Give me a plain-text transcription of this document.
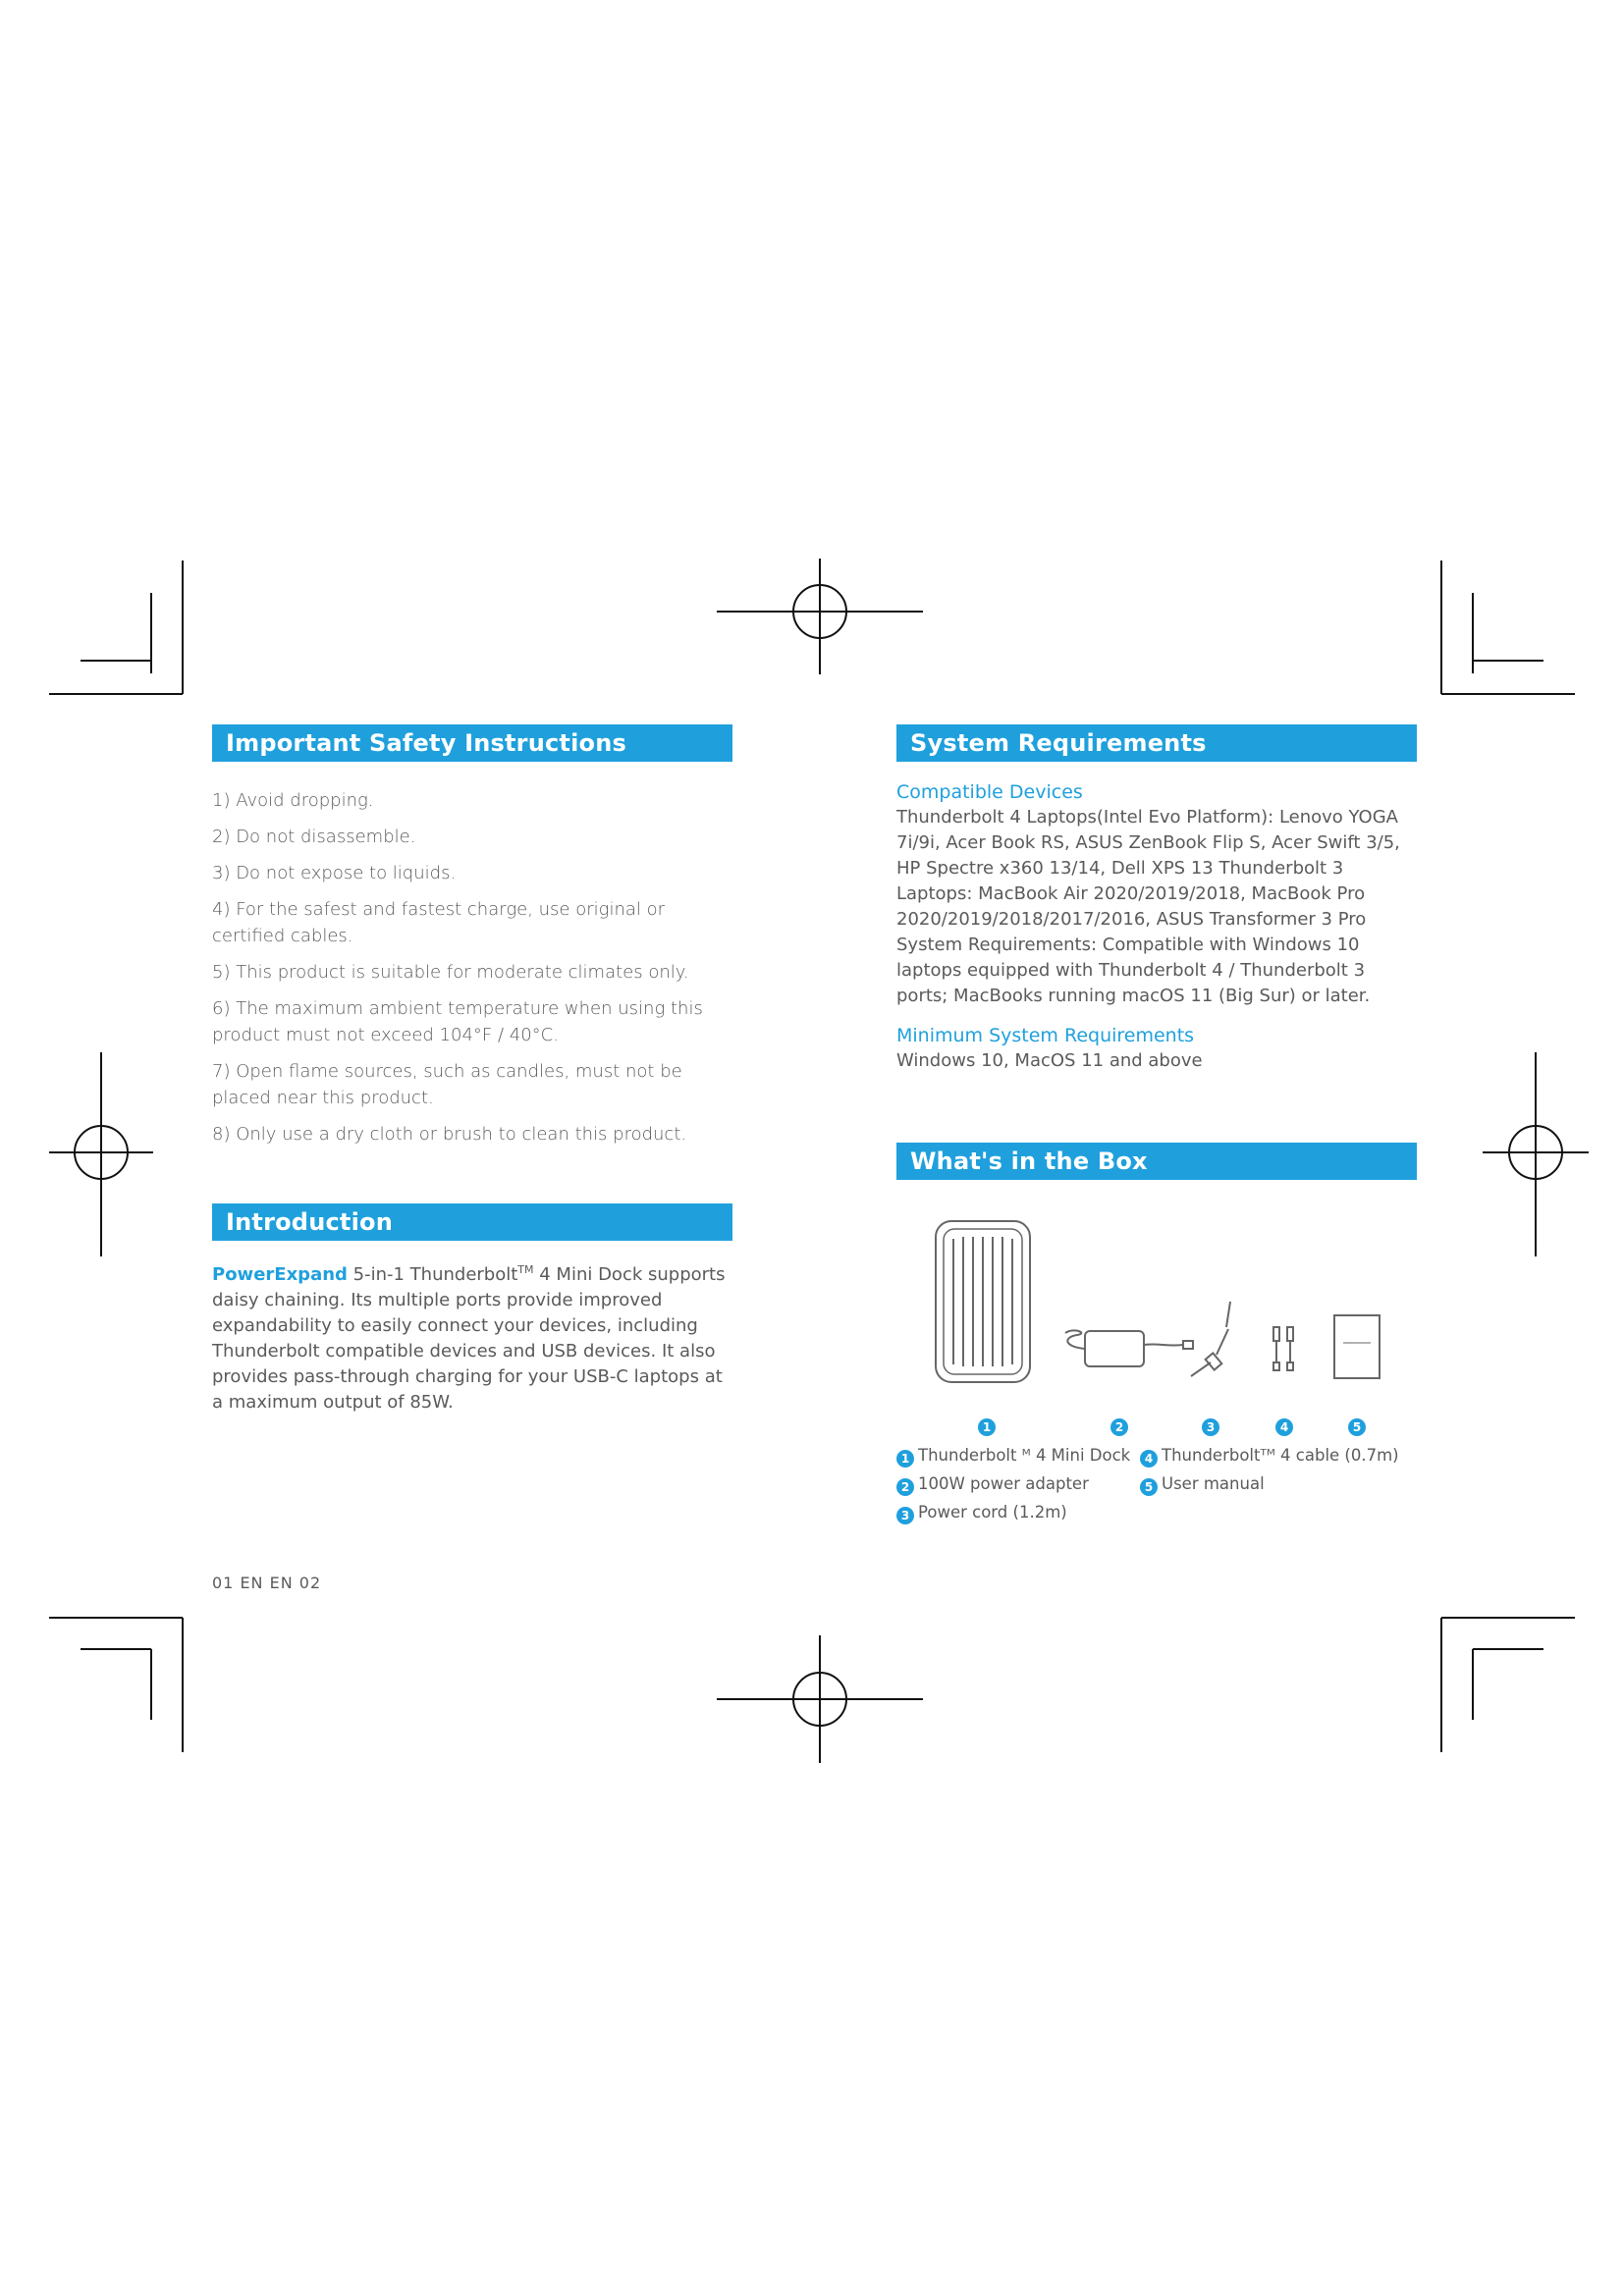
Important Safety Instructions
1) Avoid dropping.
2) Do not disassemble.
3) Do not expose to liquids.
4) For the safest and fastest charge, use original or certified cables.
5) This product is suitable for moderate climates only.
6) The maximum ambient temperature when using this product must not exceed 104°F / 40°C.
7) Open flame sources, such as candles, must not be placed near this product.
8) Only use a dry cloth or brush to clean this product.
Introduction
PowerExpand 5-in-1 Thunderbolt™ 4 Mini Dock supports daisy chaining. Its multiple ports provide improved expandability to easily connect your devices, including Thunderbolt compatible devices and USB devices. It also provides pass-through charging for your USB-C laptops at a maximum output of 85W.
System Requirements
Compatible Devices
Thunderbolt 4 Laptops(Intel Evo Platform): Lenovo YOGA 7i/9i, Acer Book RS, ASUS ZenBook Flip S, Acer Swift 3/5, HP Spectre x360 13/14, Dell XPS 13 Thunderbolt 3 Laptops: MacBook Air 2020/2019/2018, MacBook Pro 2020/2019/2018/2017/2016, ASUS Transformer 3 Pro System Requirements: Compatible with Windows 10 laptops equipped with Thunderbolt 4 / Thunderbolt 3 ports; MacBooks running macOS 11 (Big Sur) or later.
Minimum System Requirements
Windows 10, MacOS 11 and above
What's in the Box
1	2	3	4	5
1 Thunderbolt ᴹ 4 Mini Dock
2 100W power adapter
3 Power cord (1.2m)
4 Thunderboltᵀᴹ 4 cable (0.7m)
5 User manual
01 EN EN 02
